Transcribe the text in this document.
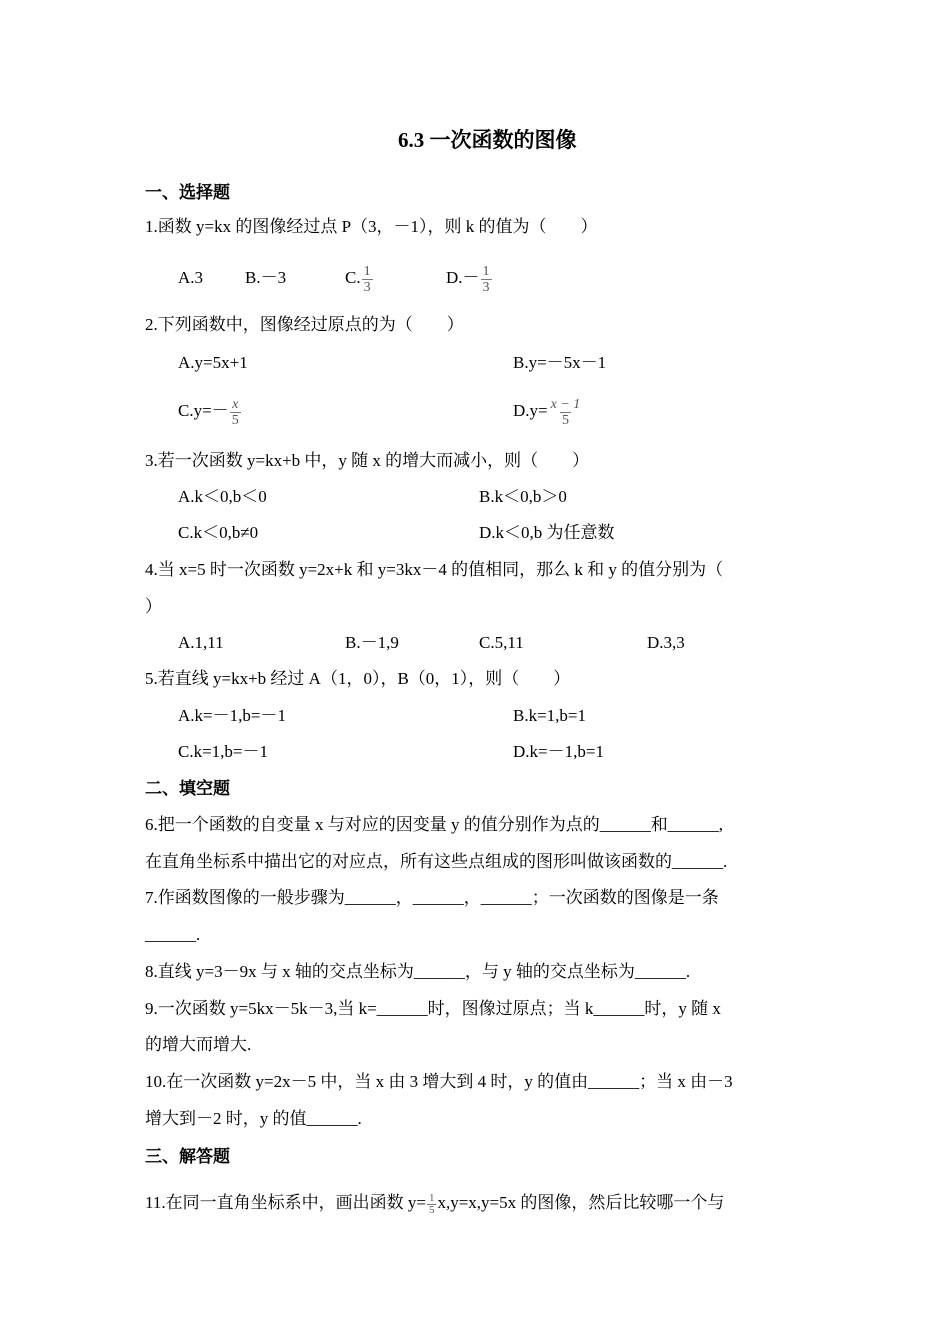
6.3 一次函数的图像
一、选择题
1.函数 y=kx 的图像经过点 P（3，－1），则 k 的值为（　　）
A.3 B.－3	C. $\frac{1}{3}$	$D.- \frac{1}{3}$
2.下列函数中，图像经过原点的为（　　）
A.y=5x+1	B.y=－5x－1
$C.y=- \frac{x}{5}$	$D.y= \frac{x - 1}{5}$
3.若一次函数 y=kx+b 中，y 随 x 的增大而减小，则（　　）
A.k＜0,b＜0	B.k＜0,b＞0
C.k＜0,b≠0	D.k＜0,b 为任意数
4.当 x=5 时一次函数 y=2x+k 和 y=3kx－4 的值相同，那么 k 和 y 的值分别为（
）
A.1,11	B.－1,9	C.5,11	D.3,3
5.若直线 y=kx+b 经过 A（1，0），B（0，1），则（　　）
A.k=－1,b=－1	B.k=1,b=1
C.k=1,b=－1	D.k=－1,b=1
二、填空题
6.把一个函数的自变量 x 与对应的因变量 y 的值分别作为点的______和______,
在直角坐标系中描出它的对应点，所有这些点组成的图形叫做该函数的______.
7.作函数图像的一般步骤为______，______，______；一次函数的图像是一条
______.
8.直线 y=3－9x 与 x 轴的交点坐标为______，与 y 轴的交点坐标为______.
9.一次函数 y=5kx－5k－3,当 k=______时，图像过原点；当 k______时，y 随 x
的增大而增大.
10.在一次函数 y=2x－5 中，当 x 由 3 增大到 4 时，y 的值由______；当 x 由－3
增大到－2 时，y 的值______.
三、解答题
11.在同一直角坐标系中，画出函数 $y= \frac{1}{5} x,y=x,y=5x$ 的图像，然后比较哪一个与
